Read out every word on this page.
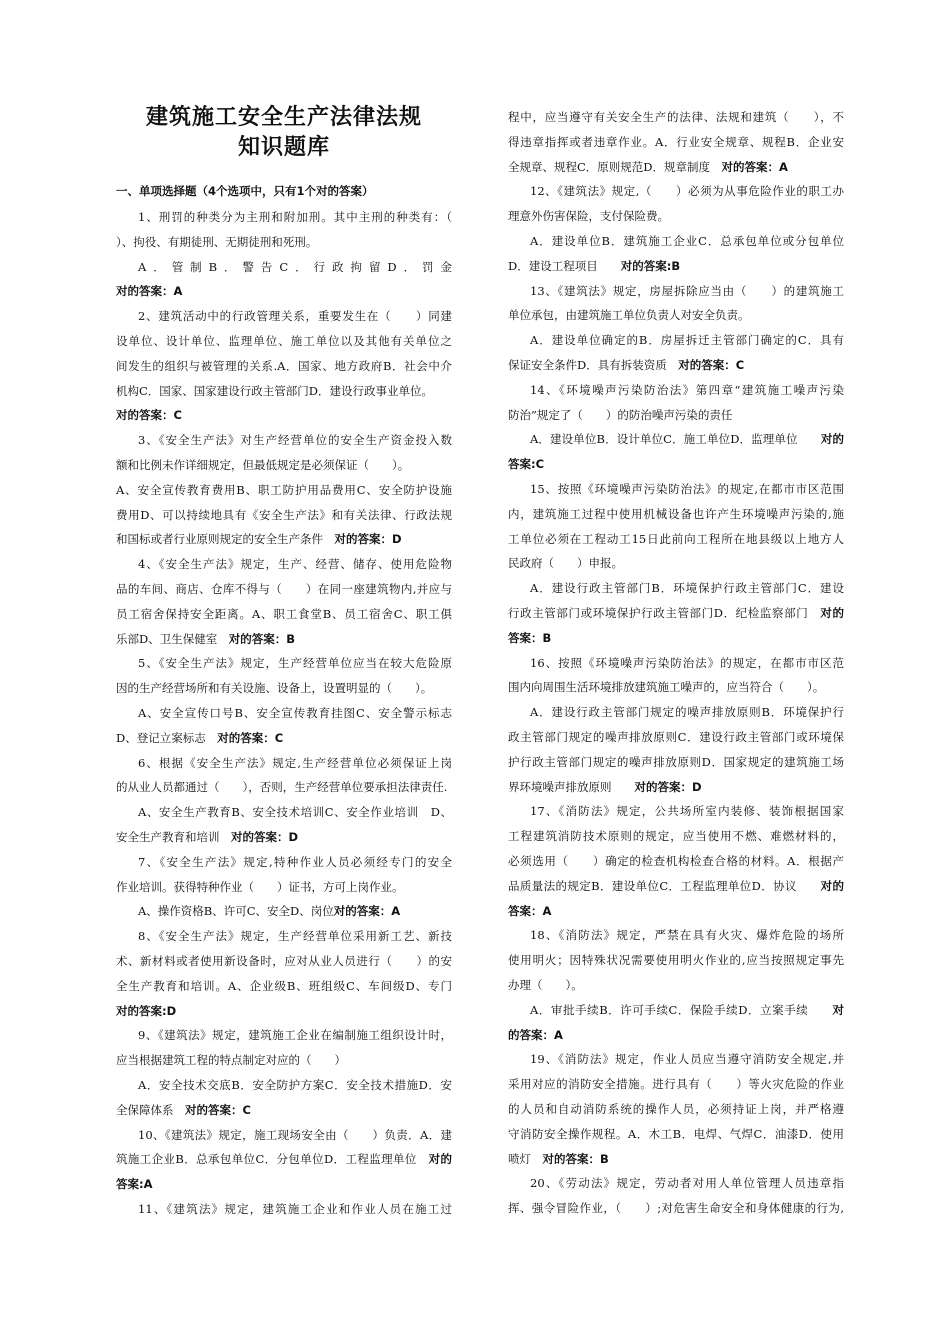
建筑施工安全生产法律法规
知识题库
一、单项选择题（4个选项中，只有1个对的答案）
1、刑罚的种类分为主刑和附加刑。其中主刑的种类有：（
）、拘役、有期徒刑、无期徒刑和死刑。
A．管制B．警告C．行政拘留D．罚金
对的答案：A
2、建筑活动中的行政管理关系，重要发生在（　　）同建
设单位、设计单位、监理单位、施工单位以及其他有关单位之
间发生的组织与被管理的关系.A．国家、地方政府B．社会中介
机构C．国家、国家建设行政主管部门D．建设行政事业单位。
对的答案：C
3、《安全生产法》对生产经营单位的安全生产资金投入数
额和比例未作详细规定，但最低规定是必须保证（　　）。
A、安全宣传教育费用B、职工防护用品费用C、安全防护设施
费用D、可以持续地具有《安全生产法》和有关法律、行政法规
和国标或者行业原则规定的安全生产条件　对的答案：D
4、《安全生产法》规定，生产、经营、储存、使用危险物
品的车间、商店、仓库不得与（　　）在同一座建筑物内,并应与
员工宿舍保持安全距离。A、职工食堂B、员工宿舍C、职工俱
乐部D、卫生保健室　对的答案：B
5、《安全生产法》规定，生产经营单位应当在较大危险原
因的生产经营场所和有关设施、设备上，设置明显的（　　）。
A、安全宣传口号B、安全宣传教育挂图C、安全警示标志
D、登记立案标志　对的答案：C
6、根据《安全生产法》规定,生产经营单位必须保证上岗
的从业人员都通过（　　），否则，生产经营单位要承担法律责任.
A、安全生产教育B、安全技术培训C、安全作业培训　D、
安全生产教育和培训　对的答案：D
7、《安全生产法》规定,特种作业人员必须经专门的安全
作业培训。获得特种作业（　　）证书，方可上岗作业。
A、操作资格B、许可C、安全D、岗位对的答案：A
8、《安全生产法》规定，生产经营单位采用新工艺、新技
术、新材料或者使用新设备时，应对从业人员进行（　　）的安
全生产教育和培训。A、企业级B、班组级C、车间级D、专门
对的答案:D
9、《建筑法》规定，建筑施工企业在编制施工组织设计时，
应当根据建筑工程的特点制定对应的（　　）
A．安全技术交底B．安全防护方案C．安全技术措施D．安
全保障体系　对的答案：C
10、《建筑法》规定，施工现场安全由（　　）负责．A．建
筑施工企业B．总承包单位C．分包单位D．工程监理单位　对的
答案:A
11、《建筑法》规定，建筑施工企业和作业人员在施工过
程中，应当遵守有关安全生产的法律、法规和建筑（　　），不
得违章指挥或者违章作业。A．行业安全规章、规程B．企业安
全规章、规程C．原则规范D．规章制度　对的答案：A
12、《建筑法》规定,（　　）必须为从事危险作业的职工办
理意外伤害保险，支付保险费。
A．建设单位B．建筑施工企业C．总承包单位或分包单位
D．建设工程项目　　对的答案:B
13、《建筑法》规定，房屋拆除应当由（　　）的建筑施工
单位承包，由建筑施工单位负责人对安全负责。
A．建设单位确定的B．房屋拆迁主管部门确定的C．具有
保证安全条件D．具有拆装资质　对的答案：C
14、《环境噪声污染防治法》第四章“建筑施工噪声污染
防治”规定了（　　）的防治噪声污染的责任
A．建设单位B．设计单位C．施工单位D．监理单位　　对的
答案:C
15、按照《环境噪声污染防治法》的规定,在都市市区范围
内，建筑施工过程中使用机械设备也许产生环境噪声污染的,施
工单位必须在工程动工15日此前向工程所在地县级以上地方人
民政府（　　）申报。
A．建设行政主管部门B．环境保护行政主管部门C．建设
行政主管部门或环境保护行政主管部门D．纪检监察部门　对的
答案：B
16、按照《环境噪声污染防治法》的规定，在都市市区范
围内向周围生活环境排放建筑施工噪声的，应当符合（　　）。
A．建设行政主管部门规定的噪声排放原则B．环境保护行
政主管部门规定的噪声排放原则C．建设行政主管部门或环境保
护行政主管部门规定的噪声排放原则D．国家规定的建筑施工场
界环境噪声排放原则　　对的答案：D
17、《消防法》规定，公共场所室内装修、装饰根据国家
工程建筑消防技术原则的规定，应当使用不燃、难燃材料的，
必须选用（　　）确定的检查机构检查合格的材料。A．根据产
品质量法的规定B．建设单位C．工程监理单位D．协议　　对的
答案：A
18、《消防法》规定，严禁在具有火灾、爆炸危险的场所
使用明火；因特殊状况需要使用明火作业的,应当按照规定事先
办理（　　）。
A．审批手续B．许可手续C．保险手续D．立案手续　　对
的答案：A
19、《消防法》规定，作业人员应当遵守消防安全规定,并
采用对应的消防安全措施。进行具有（　　）等火灾危险的作业
的人员和自动消防系统的操作人员，必须持证上岗，并严格遵
守消防安全操作规程。A．木工B．电焊、气焊C．油漆D．使用
喷灯　对的答案：B
20、《劳动法》规定，劳动者对用人单位管理人员违章指
挥、强令冒险作业，（　　）;对危害生命安全和身体健康的行为,
